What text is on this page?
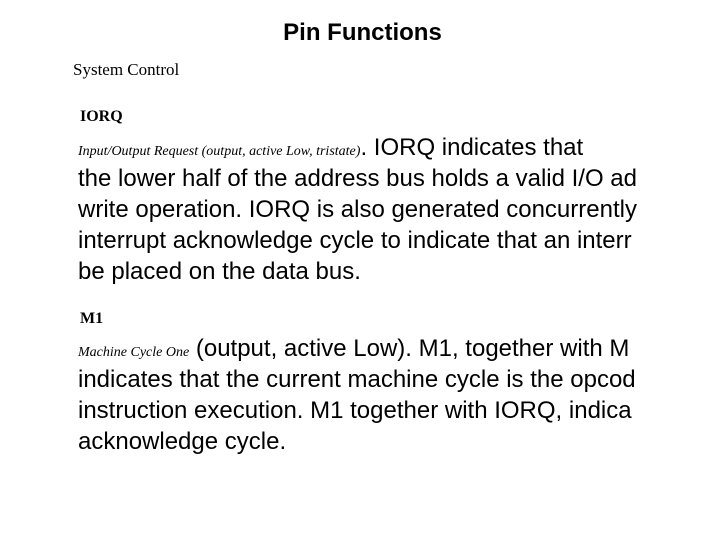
Pin Functions
System Control
IORQ
Input/Output Request (output, active Low, tristate). IORQ indicates that
the lower half of the address bus holds a valid I/O ad
write operation. IORQ is also generated concurrently
interrupt acknowledge cycle to indicate that an interr
be placed on the data bus.
M1
Machine Cycle One (output, active Low). M1, together with M
indicates that the current machine cycle is the opcod
instruction execution. M1 together with IORQ, indica
acknowledge cycle.
